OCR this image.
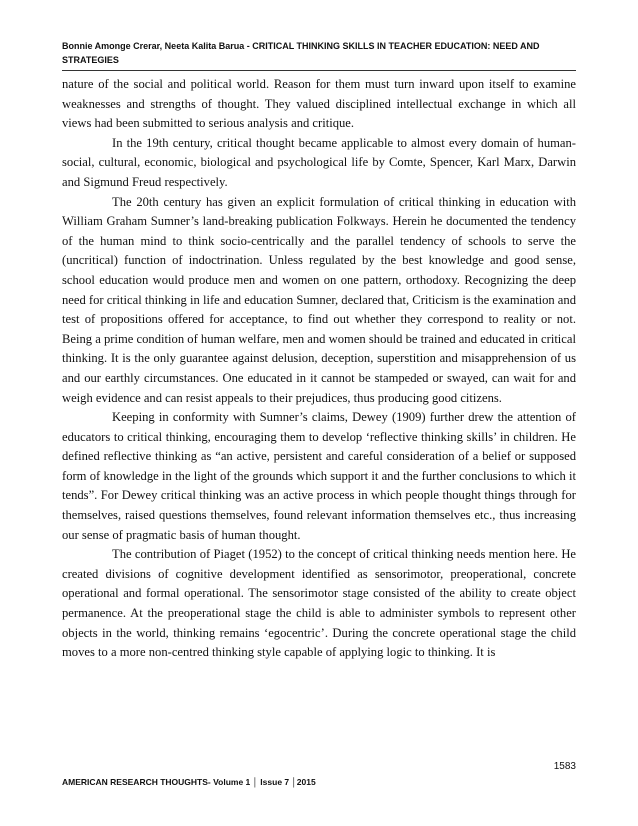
Bonnie Amonge Crerar, Neeta Kalita Barua - CRITICAL THINKING SKILLS IN TEACHER EDUCATION: NEED AND STRATEGIES

nature of the social and political world. Reason for them must turn inward upon itself to examine weaknesses and strengths of thought. They valued disciplined intellectual exchange in which all views had been submitted to serious analysis and critique.

In the 19th century, critical thought became applicable to almost every domain of human-social, cultural, economic, biological and psychological life by Comte, Spencer, Karl Marx, Darwin and Sigmund Freud respectively.

The 20th century has given an explicit formulation of critical thinking in education with William Graham Sumner’s land-breaking publication Folkways. Herein he documented the tendency of the human mind to think socio-centrically and the parallel tendency of schools to serve the (uncritical) function of indoctrination. Unless regulated by the best knowledge and good sense, school education would produce men and women on one pattern, orthodoxy. Recognizing the deep need for critical thinking in life and education Sumner, declared that, Criticism is the examination and test of propositions offered for acceptance, to find out whether they correspond to reality or not. Being a prime condition of human welfare, men and women should be trained and educated in critical thinking. It is the only guarantee against delusion, deception, superstition and misapprehension of us and our earthly circumstances. One educated in it cannot be stampeded or swayed, can wait for and weigh evidence and can resist appeals to their prejudices, thus producing good citizens.

Keeping in conformity with Sumner’s claims, Dewey (1909) further drew the attention of educators to critical thinking, encouraging them to develop ‘reflective thinking skills’ in children. He defined reflective thinking as “an active, persistent and careful consideration of a belief or supposed form of knowledge in the light of the grounds which support it and the further conclusions to which it tends”. For Dewey critical thinking was an active process in which people thought things through for themselves, raised questions themselves, found relevant information themselves etc., thus increasing our sense of pragmatic basis of human thought.

The contribution of Piaget (1952) to the concept of critical thinking needs mention here. He created divisions of cognitive development identified as sensorimotor, preoperational, concrete operational and formal operational. The sensorimotor stage consisted of the ability to create object permanence. At the preoperational stage the child is able to administer symbols to represent other objects in the world, thinking remains ‘egocentric’. During the concrete operational stage the child moves to a more non-centred thinking style capable of applying logic to thinking. It is

1583
AMERICAN RESEARCH THOUGHTS- Volume 1 │ Issue 7 │2015
